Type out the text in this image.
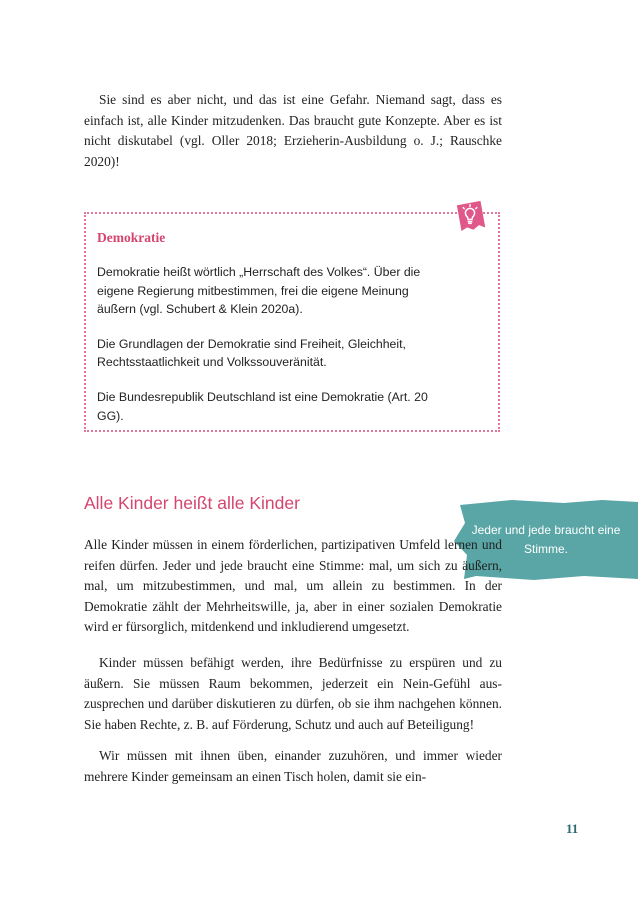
Sie sind es aber nicht, und das ist eine Gefahr. Niemand sagt, dass es einfach ist, alle Kinder mitzudenken. Das braucht gute Konzepte. Aber es ist nicht diskutabel (vgl. Oller 2018; Erzieherin-Ausbildung o. J.; Rauschke 2020)!

Demokratie

Demokratie heißt wörtlich „Herrschaft des Volkes“. Über die eigene Regierung mitbestimmen, frei die eigene Meinung äußern (vgl. Schubert & Klein 2020a).

Die Grundlagen der Demokratie sind Freiheit, Gleichheit, Rechtsstaatlichkeit und Volkssouveränität.

Die Bundesrepublik Deutschland ist eine Demokratie (Art. 20 GG).

Alle Kinder heißt alle Kinder
Jeder und jede braucht eine Stimme.

Alle Kinder müssen in einem förderlichen, partizipativen Umfeld lernen und reifen dürfen. Jeder und jede braucht eine Stimme: mal, um sich zu äußern, mal, um mitzubestimmen, und mal, um allein zu bestimmen. In der Demokratie zählt der Mehrheitswille, ja, aber in einer sozialen Demokratie wird er fürsorglich, mitdenkend und inkludierend umgesetzt.

Kinder müssen befähigt werden, ihre Bedürfnisse zu erspüren und zu äußern. Sie müssen Raum bekommen, jederzeit ein Nein-Gefühl auszusprechen und darüber diskutieren zu dürfen, ob sie ihm nachgehen können. Sie haben Rechte, z. B. auf Förderung, Schutz und auch auf Beteiligung!

Wir müssen mit ihnen üben, einander zuzuhören, und immer wieder mehrere Kinder gemeinsam an einen Tisch holen, damit sie ein-

11
